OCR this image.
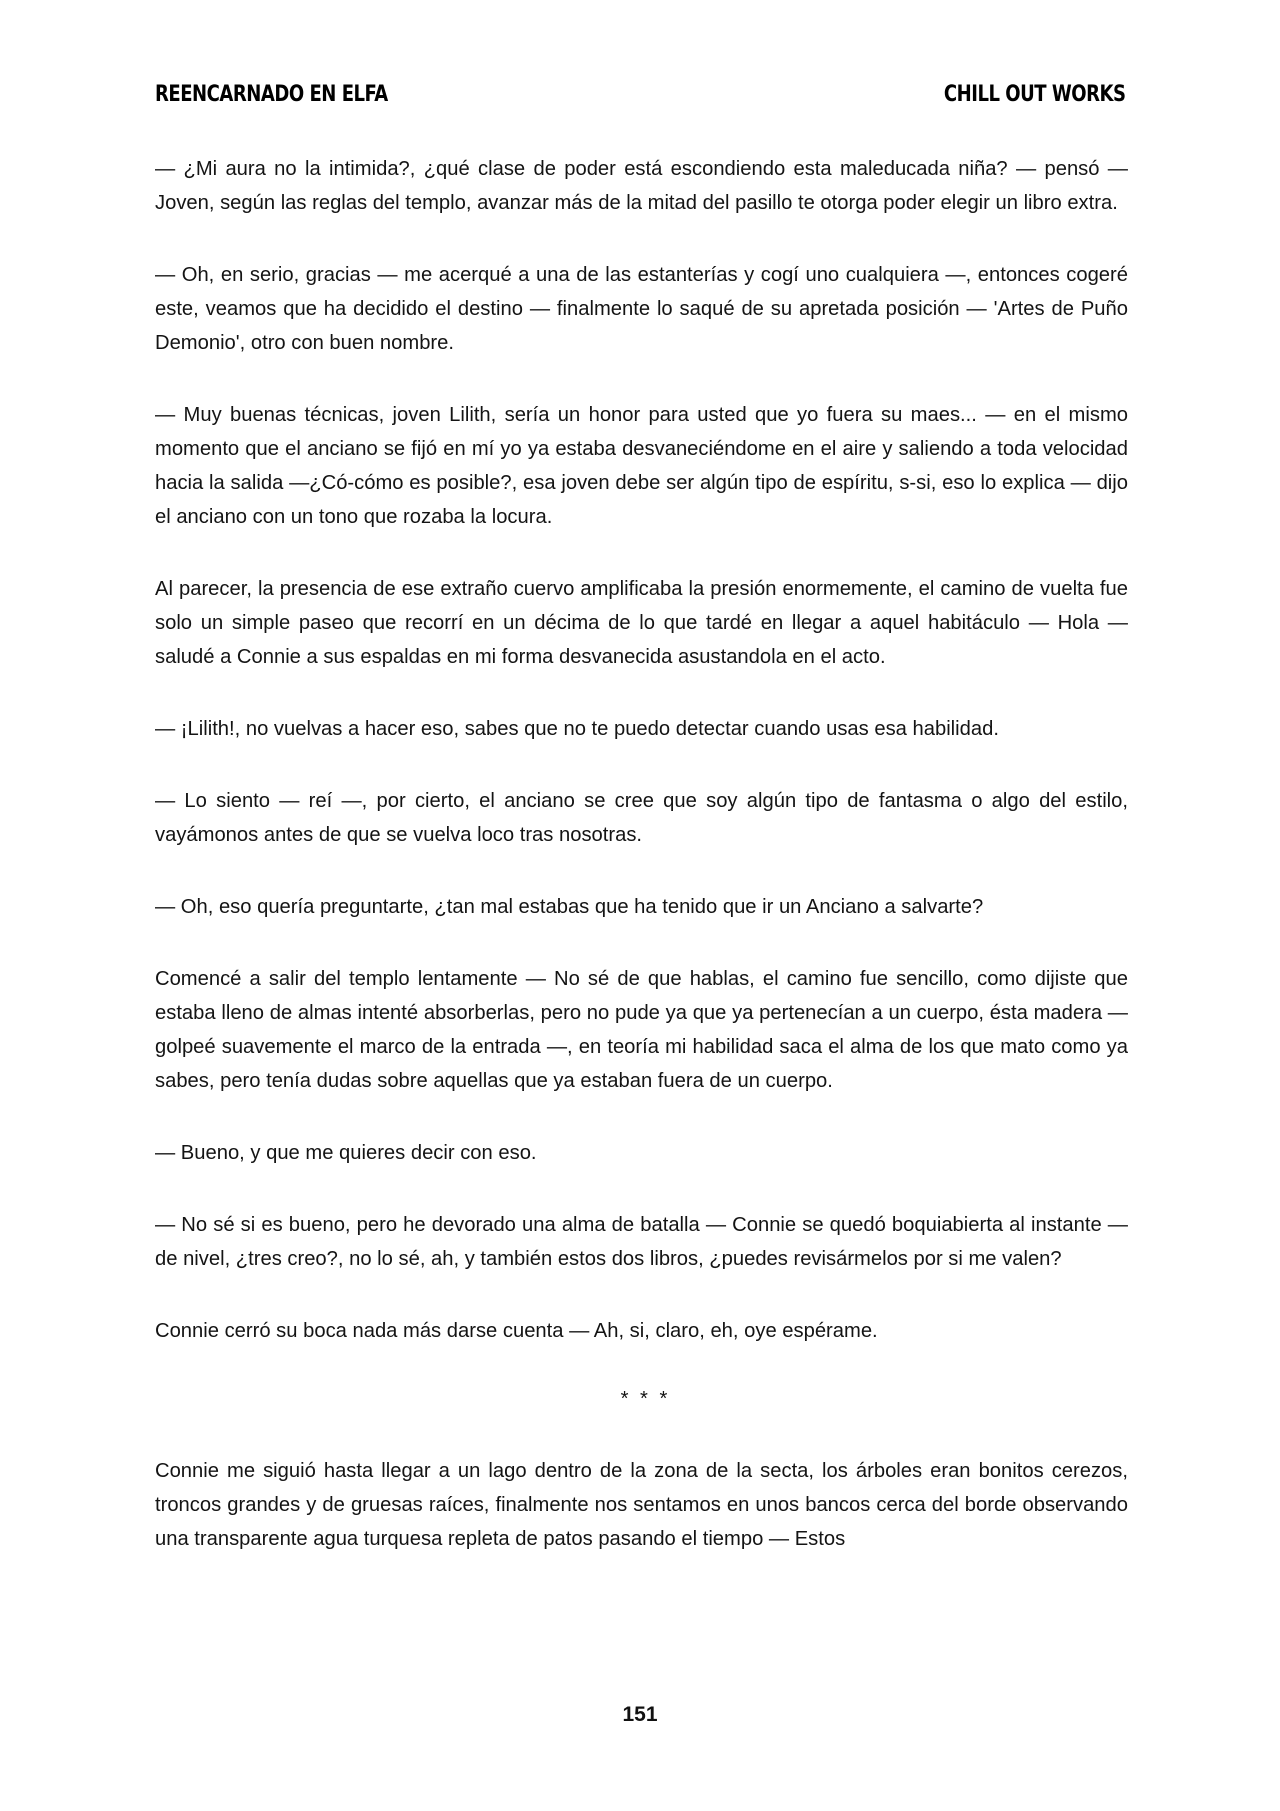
REENCARNADO EN ELFA	CHILL OUT WORKS

— ¿Mi aura no la intimida?, ¿qué clase de poder está escondiendo esta maleducada niña? — pensó — Joven, según las reglas del templo, avanzar más de la mitad del pasillo te otorga poder elegir un libro extra.

— Oh, en serio, gracias — me acerqué a una de las estanterías y cogí uno cualquiera —, entonces cogeré este, veamos que ha decidido el destino — finalmente lo saqué de su apretada posición — 'Artes de Puño Demonio', otro con buen nombre.

— Muy buenas técnicas, joven Lilith, sería un honor para usted que yo fuera su maes... — en el mismo momento que el anciano se fijó en mí yo ya estaba desvaneciéndome en el aire y saliendo a toda velocidad hacia la salida —¿Có-cómo es posible?, esa joven debe ser algún tipo de espíritu, s-si, eso lo explica — dijo el anciano con un tono que rozaba la locura.

Al parecer, la presencia de ese extraño cuervo amplificaba la presión enormemente, el camino de vuelta fue solo un simple paseo que recorrí en un décima de lo que tardé en llegar a aquel habitáculo — Hola — saludé a Connie a sus espaldas en mi forma desvanecida asustandola en el acto.

— ¡Lilith!, no vuelvas a hacer eso, sabes que no te puedo detectar cuando usas esa habilidad.

— Lo siento — reí —, por cierto, el anciano se cree que soy algún tipo de fantasma o algo del estilo, vayámonos antes de que se vuelva loco tras nosotras.

— Oh, eso quería preguntarte, ¿tan mal estabas que ha tenido que ir un Anciano a salvarte?

Comencé a salir del templo lentamente — No sé de que hablas, el camino fue sencillo, como dijiste que estaba lleno de almas intenté absorberlas, pero no pude ya que ya pertenecían a un cuerpo, ésta madera — golpeé suavemente el marco de la entrada —, en teoría mi habilidad saca el alma de los que mato como ya sabes, pero tenía dudas sobre aquellas que ya estaban fuera de un cuerpo.

— Bueno, y que me quieres decir con eso.

— No sé si es bueno, pero he devorado una alma de batalla — Connie se quedó boquiabierta al instante — de nivel, ¿tres creo?, no lo sé, ah, y también estos dos libros, ¿puedes revisármelos por si me valen?

Connie cerró su boca nada más darse cuenta — Ah, si, claro, eh, oye espérame.

* * *

Connie me siguió hasta llegar a un lago dentro de la zona de la secta, los árboles eran bonitos cerezos, troncos grandes y de gruesas raíces, finalmente nos sentamos en unos bancos cerca del borde observando una transparente agua turquesa repleta de patos pasando el tiempo — Estos

151
